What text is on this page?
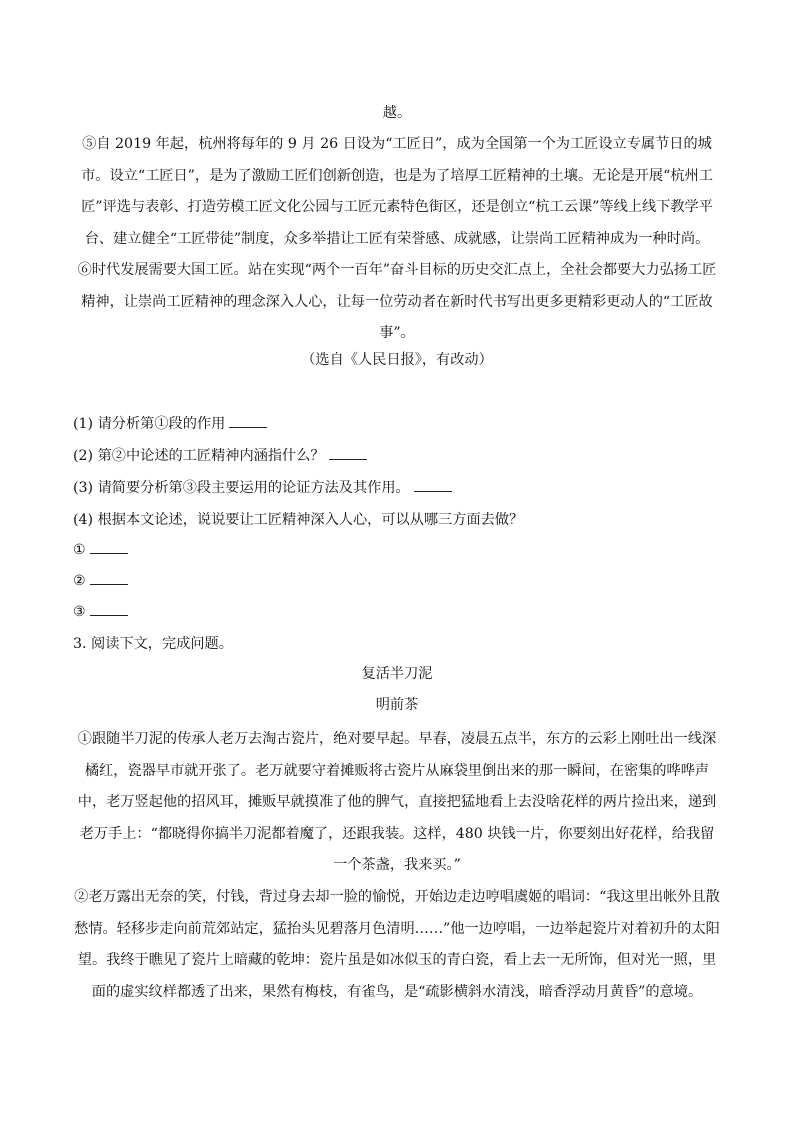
越。
⑤自 2019 年起，杭州将每年的 9 月 26 日设为“工匠日”，成为全国第一个为工匠设立专属节日的城市。设立“工匠日”，是为了激励工匠们创新创造，也是为了培厚工匠精神的土壤。无论是开展“杭州工匠”评选与表彰、打造劳模工匠文化公园与工匠元素特色街区，还是创立“杭工云课”等线上线下教学平台、建立健全“工匠带徒”制度，众多举措让工匠有荣誉感、成就感，让崇尚工匠精神成为一种时尚。
⑥时代发展需要大国工匠。站在实现“两个一百年”奋斗目标的历史交汇点上，全社会都要大力弘扬工匠精神，让崇尚工匠精神的理念深入人心，让每一位劳动者在新时代书写出更多更精彩更动人的“工匠故事”。
（选自《人民日报》，有改动）
(1) 请分析第①段的作用
(2) 第②中论述的工匠精神内涵指什么？
(3) 请简要分析第③段主要运用的论证方法及其作用。
(4) 根据本文论述，说说要让工匠精神深入人心，可以从哪三方面去做？
①
②
③
3. 阅读下文，完成问题。
复活半刀泥
明前茶
①跟随半刀泥的传承人老万去淘古瓷片，绝对要早起。早春，凌晨五点半，东方的云彩上刚吐出一线深橘红，瓷器早市就开张了。老万就要守着摊贩将古瓷片从麻袋里倒出来的那一瞬间，在密集的哗哗声中，老万竖起他的招风耳，摊贩早就摸准了他的脾气，直接把猛地看上去没啥花样的两片捡出来，递到老万手上：“都晓得你搞半刀泥都着魔了，还跟我装。这样，480 块钱一片，你要刻出好花样，给我留一个茶盏，我来买。”
②老万露出无奈的笑，付钱，背过身去却一脸的愉悦，开始边走边哼唱虞姬的唱词：“我这里出帐外且散愁情。轻移步走向前荒郊站定，猛抬头见碧落月色清明……”他一边哼唱，一边举起瓷片对着初升的太阳望。我终于瞧见了瓷片上暗藏的乾坤：瓷片虽是如冰似玉的青白瓷，看上去一无所饰，但对光一照，里面的虚实纹样都透了出来，果然有梅枝，有雀鸟，是“疏影横斜水清浅，暗香浮动月黄昏”的意境。
